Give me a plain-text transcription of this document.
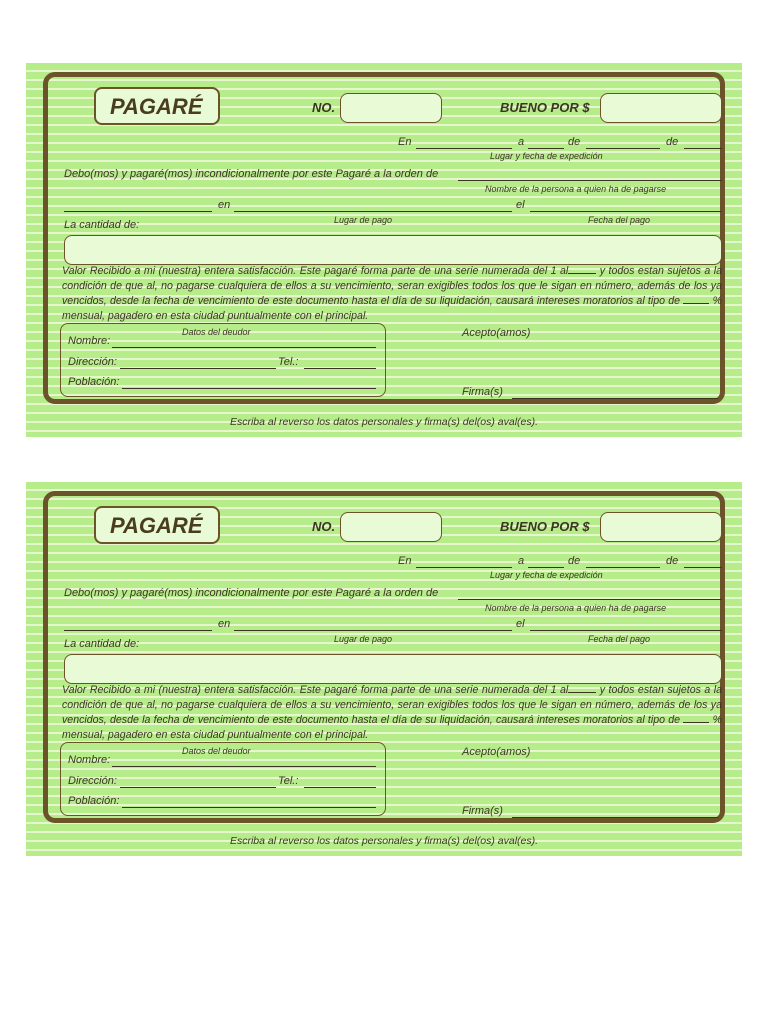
PAGARÉ	NO.	BUENO POR $
En	a	de	de
Lugar y fecha de expedición
Debo(mos) y pagaré(mos) incondicionalmente por este Pagaré a la orden de
Nombre de la persona a quien ha de pagarse
en	el
La cantidad de:	Lugar de pago	Fecha del pago
Valor Recibido a mi (nuestra) entera satisfacción. Este pagaré forma parte de una serie numerada del 1 al	y todos estan sujetos a la condición de que al, no pagarse cualquiera de ellos a su vencimiento, seran exigibles todos los que le sigan en número, además de los ya vencidos, desde la fecha de vencimiento de este documento hasta el día de su liquidación, causará intereses moratorios al tipo de	% mensual, pagadero en esta ciudad puntualmente con el principal.
Datos del deudor
Nombre:
Dirección:	Tel.:
Población:
Acepto(amos)
Firma(s)
Escriba al reverso los datos personales y firma(s) del(os) aval(es).
PAGARÉ	NO.	BUENO POR $
En	a	de	de
Lugar y fecha de expedición
Debo(mos) y pagaré(mos) incondicionalmente por este Pagaré a la orden de
Nombre de la persona a quien ha de pagarse
en	el
La cantidad de:	Lugar de pago	Fecha del pago
Valor Recibido a mi (nuestra) entera satisfacción. Este pagaré forma parte de una serie numerada del 1 al	y todos estan sujetos a la condición de que al, no pagarse cualquiera de ellos a su vencimiento, seran exigibles todos los que le sigan en número, además de los ya vencidos, desde la fecha de vencimiento de este documento hasta el día de su liquidación, causará intereses moratorios al tipo de	% mensual, pagadero en esta ciudad puntualmente con el principal.
Datos del deudor
Nombre:
Dirección:	Tel.:
Población:
Acepto(amos)
Firma(s)
Escriba al reverso los datos personales y firma(s) del(os) aval(es).
